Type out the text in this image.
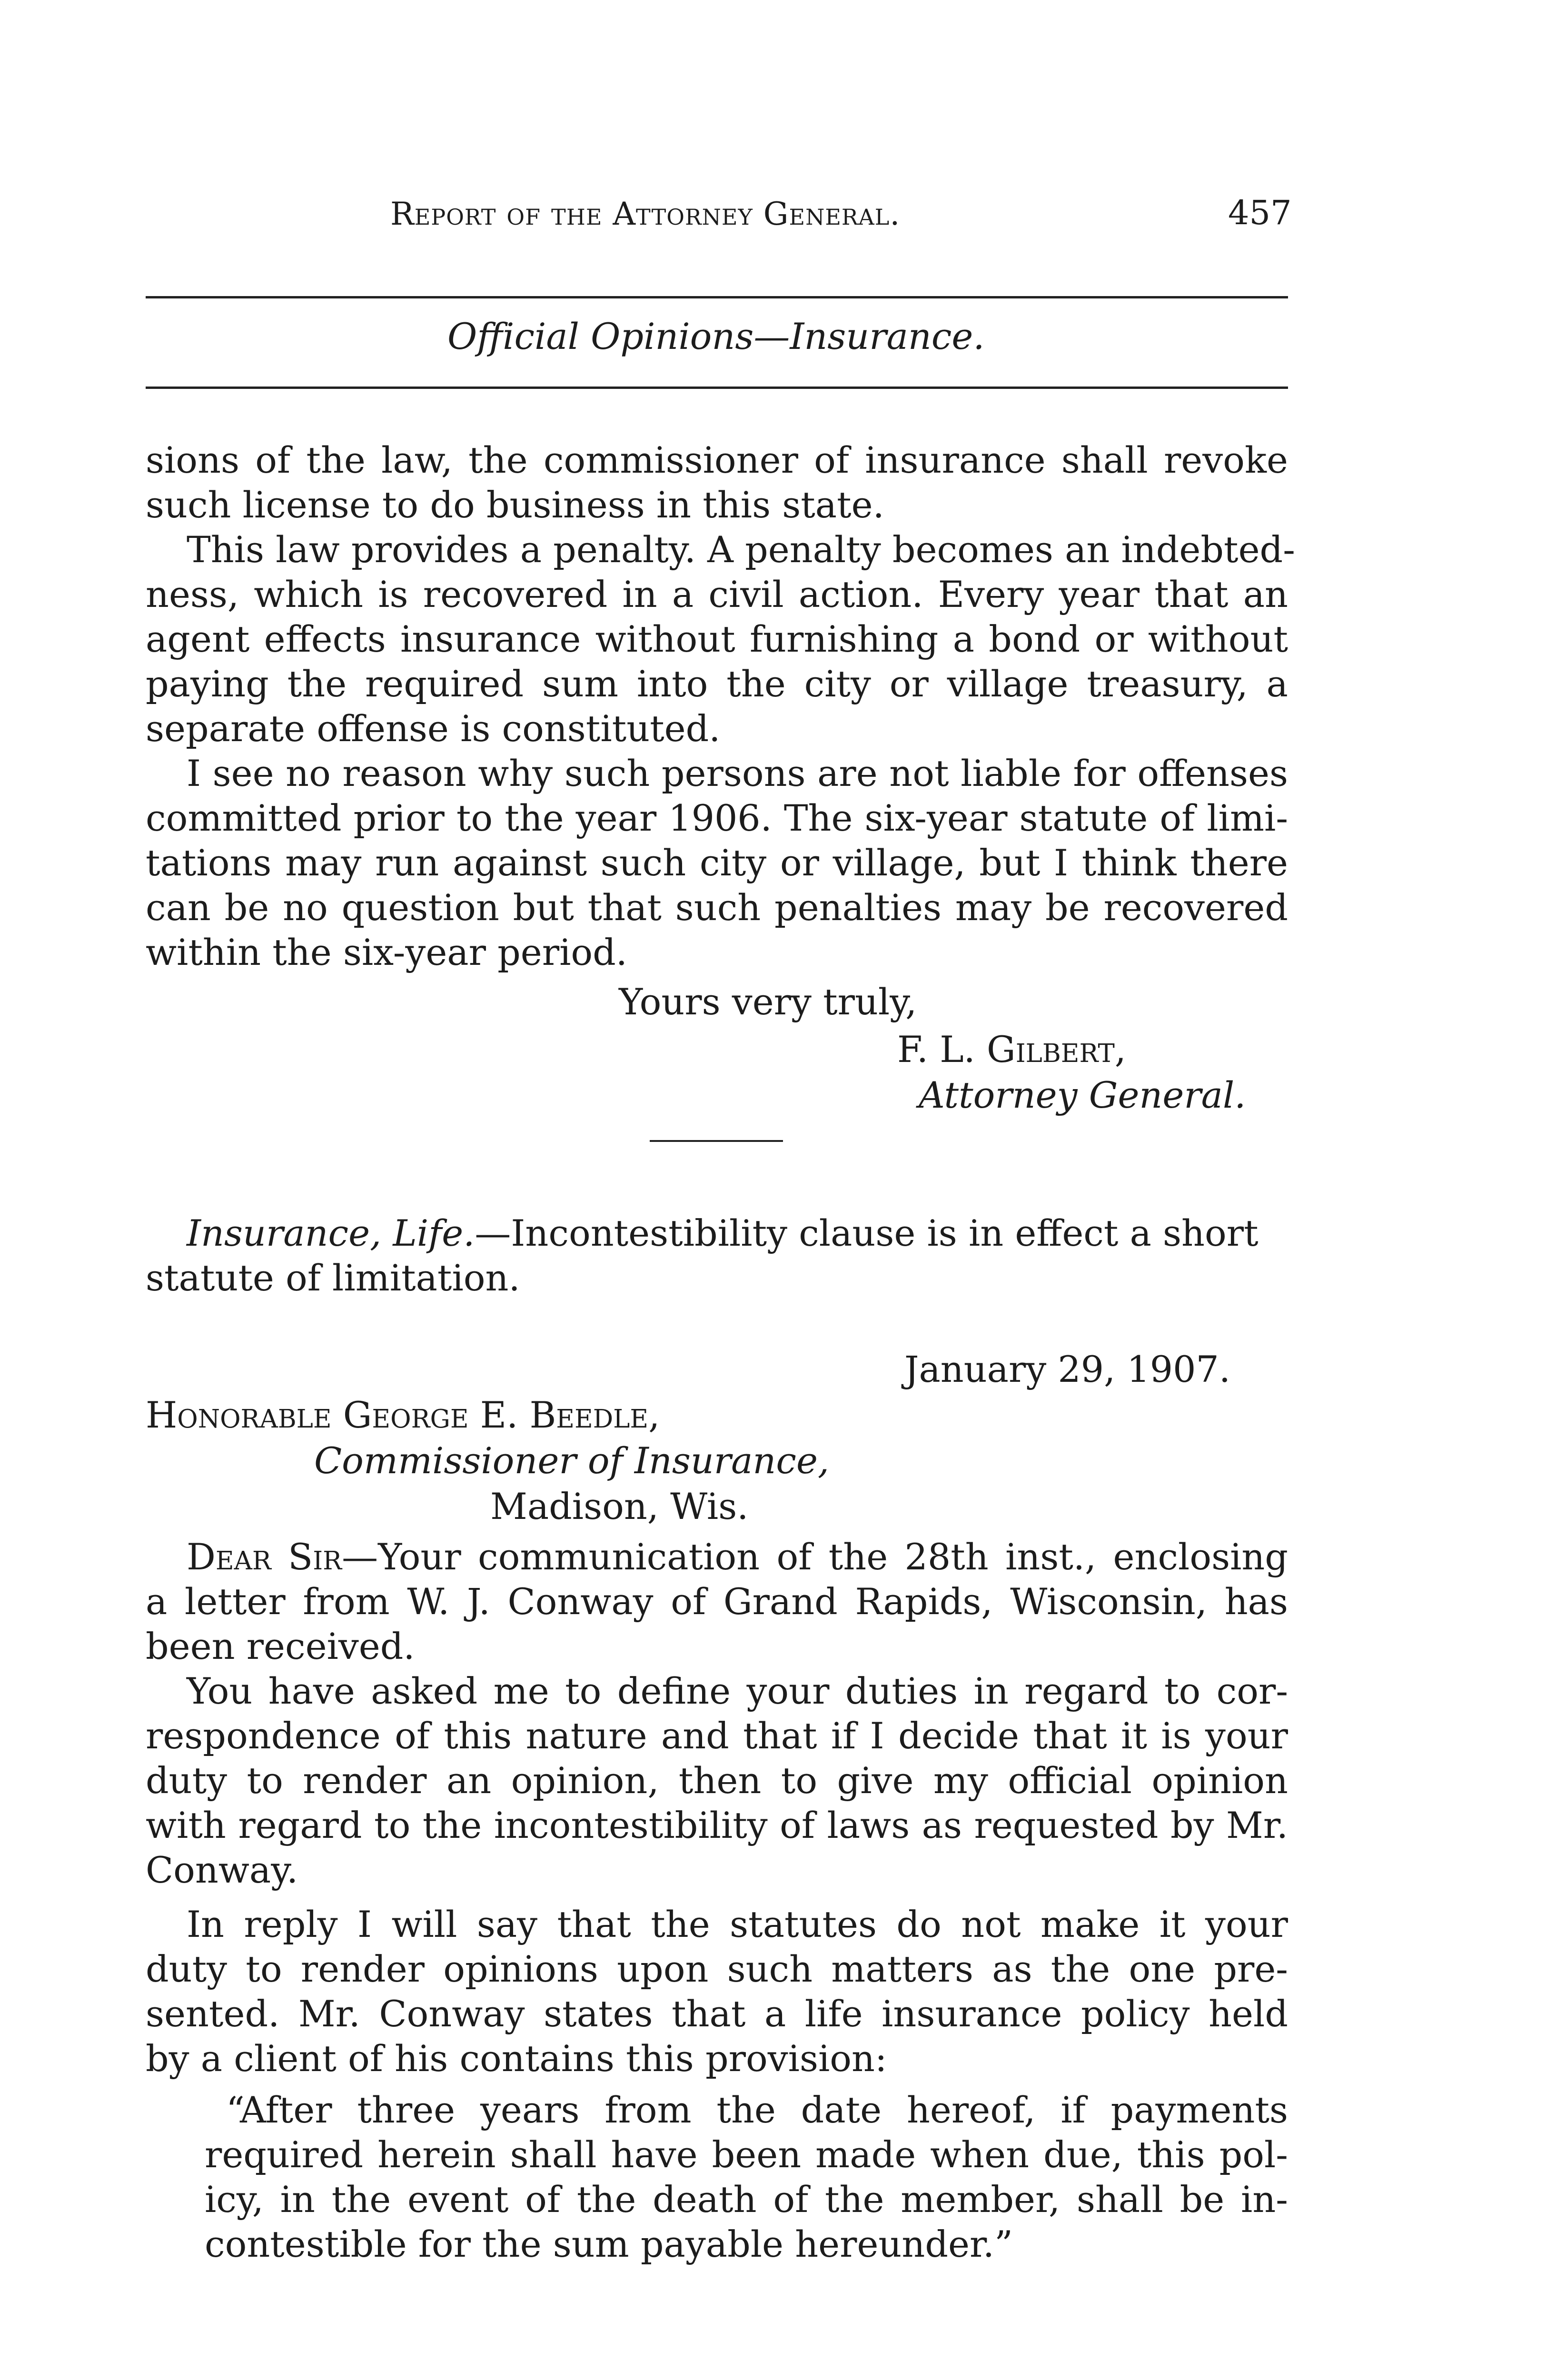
Report of the Attorney General.	457
Official Opinions—Insurance.
sions of the law, the commissioner of insurance shall revoke
such license to do business in this state.
This law provides a penalty. A penalty becomes an indebted-
ness, which is recovered in a civil action. Every year that an
agent effects insurance without furnishing a bond or without
paying the required sum into the city or village treasury, a
separate offense is constituted.
I see no reason why such persons are not liable for offenses
committed prior to the year 1906. The six-year statute of limi-
tations may run against such city or village, but I think there
can be no question but that such penalties may be recovered
within the six-year period.
Yours very truly,
F. L. Gilbert,
Attorney General.
Insurance, Life.—Incontestibility clause is in effect a short
statute of limitation.
January 29, 1907.
Honorable George E. Beedle,
Commissioner of Insurance,
Madison, Wis.
Dear Sir—Your communication of the 28th inst., enclosing
a letter from W. J. Conway of Grand Rapids, Wisconsin, has
been received.
You have asked me to define your duties in regard to cor-
respondence of this nature and that if I decide that it is your
duty to render an opinion, then to give my official opinion
with regard to the incontestibility of laws as requested by Mr.
Conway.
In reply I will say that the statutes do not make it your
duty to render opinions upon such matters as the one pre-
sented. Mr. Conway states that a life insurance policy held
by a client of his contains this provision:
“After three years from the date hereof, if payments
required herein shall have been made when due, this pol-
icy, in the event of the death of the member, shall be in-
contestible for the sum payable hereunder.”
